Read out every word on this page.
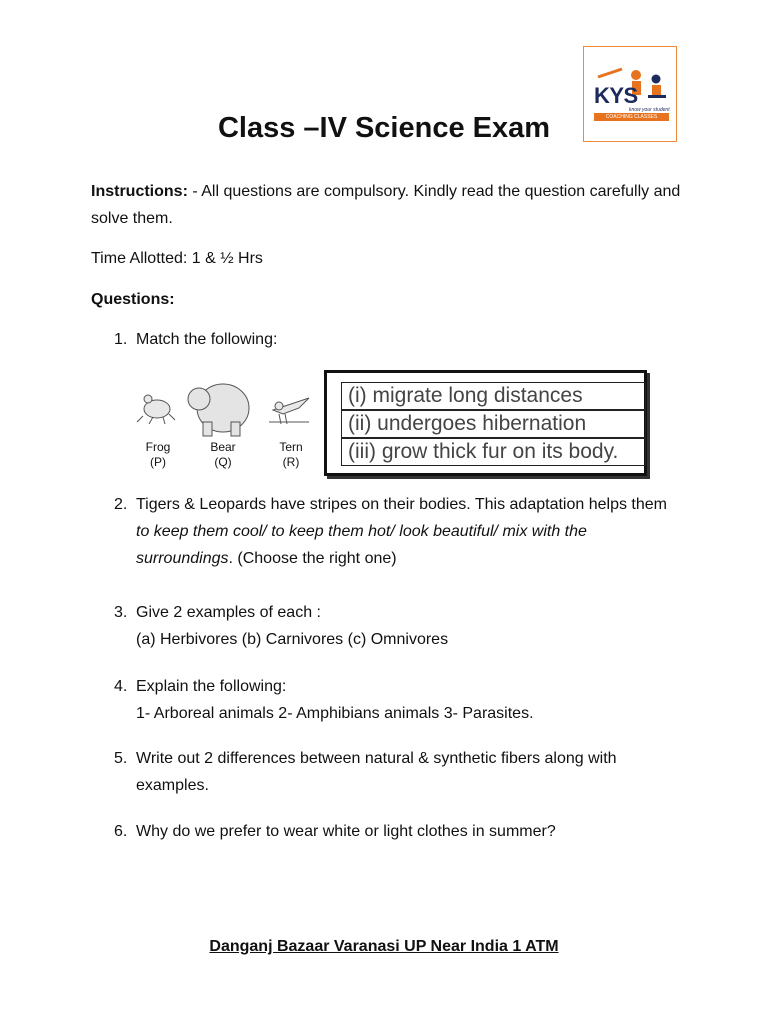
KYS
know your student
COACHING CLASSES
Class –IV Science Exam
Instructions: - All questions are compulsory. Kindly read the question carefully and solve them.
Time Allotted: 1 & ½ Hrs
Questions:
1. Match the following:
Frog
(P)
Bear
(Q)
Tern
(R)
(i) migrate long distances
(ii) undergoes hibernation
(iii) grow thick fur on its body.
2. Tigers & Leopards have stripes on their bodies. This adaptation helps them to keep them cool/ to keep them hot/ look beautiful/ mix with the surroundings. (Choose the right one)
3. Give 2 examples of each :
(a) Herbivores (b) Carnivores (c) Omnivores
4. Explain the following:
1- Arboreal animals 2- Amphibians animals 3- Parasites.
5. Write out 2 differences between natural & synthetic fibers along with examples.
6. Why do we prefer to wear white or light clothes in summer?
Danganj Bazaar Varanasi UP Near India 1 ATM
